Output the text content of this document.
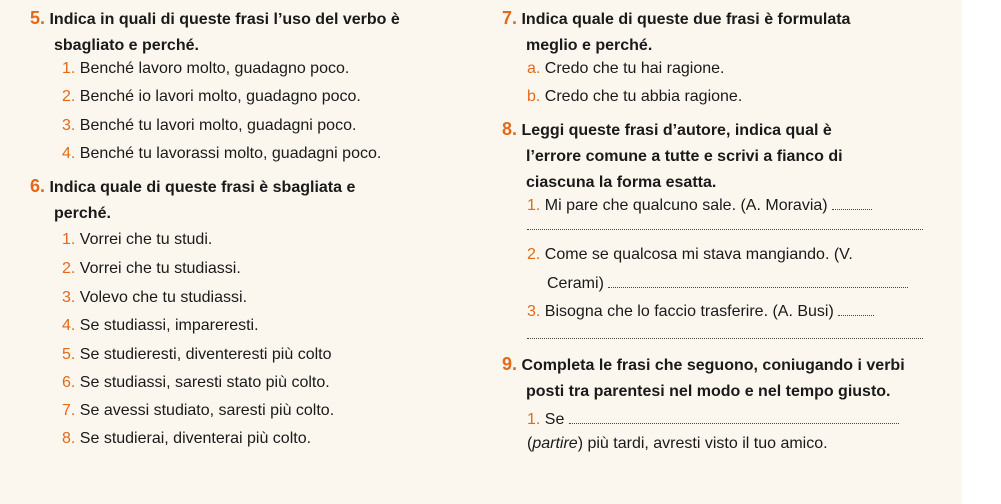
5. Indica in quali di queste frasi l’uso del verbo è
sbagliato e perché.
1. Benché lavoro molto, guadagno poco.
2. Benché io lavori molto, guadagno poco.
3. Benché tu lavori molto, guadagni poco.
4. Benché tu lavorassi molto, guadagni poco.
6. Indica quale di queste frasi è sbagliata e
perché.
1. Vorrei che tu studi.
2. Vorrei che tu studiassi.
3. Volevo che tu studiassi.
4. Se studiassi, impareresti.
5. Se studieresti, diventeresti più colto
6. Se studiassi, saresti stato più colto.
7. Se avessi studiato, saresti più colto.
8. Se studierai, diventerai più colto.
7. Indica quale di queste due frasi è formulata
meglio e perché.
a. Credo che tu hai ragione.
b. Credo che tu abbia ragione.
8. Leggi queste frasi d’autore, indica qual è
l’errore comune a tutte e scrivi a fianco di
ciascuna la forma esatta.
1. Mi pare che qualcuno sale. (A. Moravia)
2. Come se qualcosa mi stava mangiando. (V.
Cerami)
3. Bisogna che lo faccio trasferire. (A. Busi)
9. Completa le frasi che seguono, coniugando i verbi
posti tra parentesi nel modo e nel tempo giusto.
1. Se
(partire) più tardi, avresti visto il tuo amico.
